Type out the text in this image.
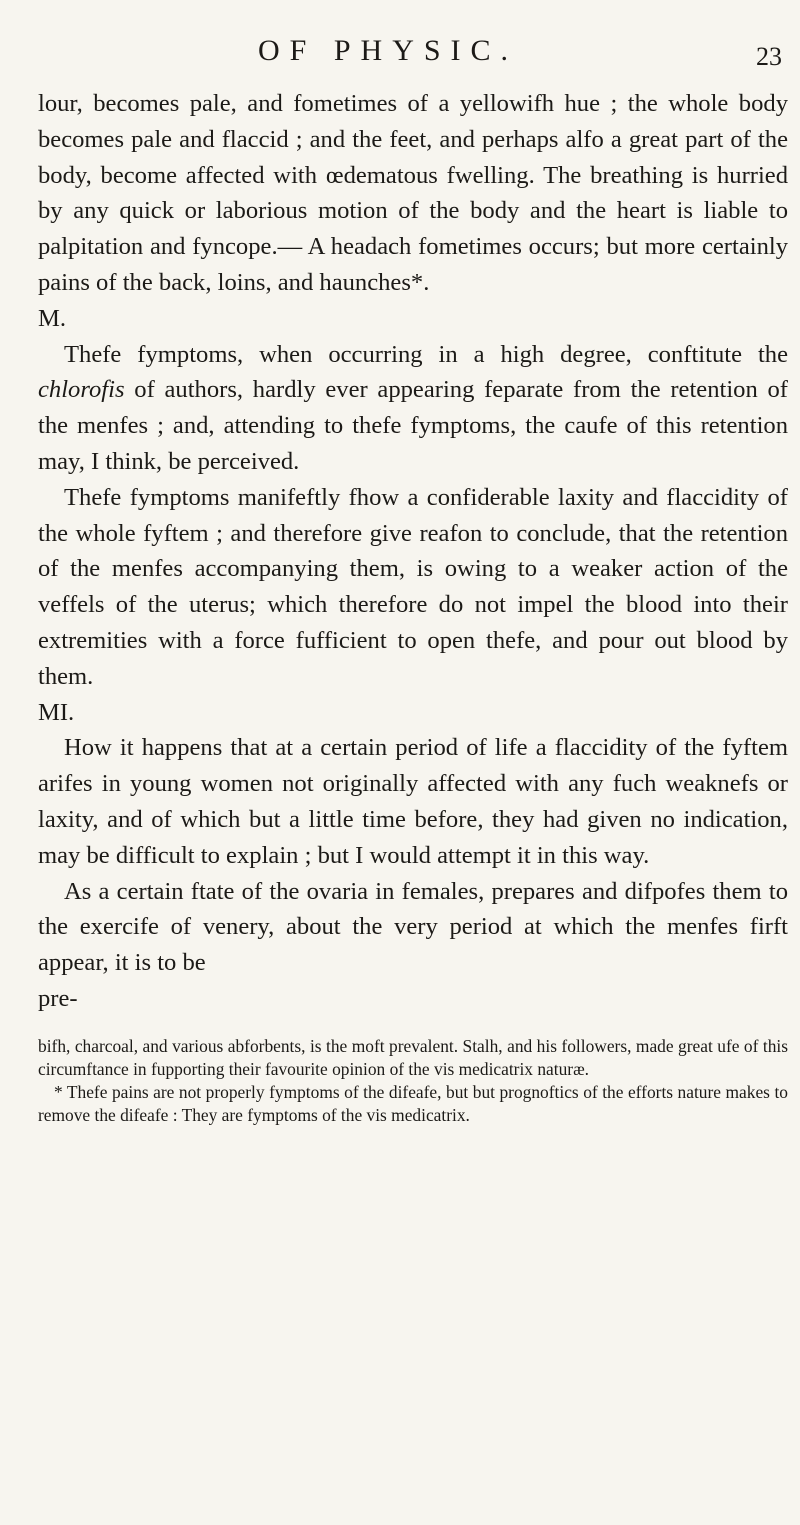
OF PHYSIC.	23

lour, becomes pale, and fometimes of a yellowifh hue ; the whole body becomes pale and flaccid ; and the feet, and perhaps alfo a great part of the body, become affected with œdematous fwelling. The breathing is hurried by any quick or laborious motion of the body and the heart is liable to palpitation and fyncope.— A headach fometimes occurs; but more certainly pains of the back, loins, and haunches*.

M.

Thefe fymptoms, when occurring in a high degree, conftitute the chlorofis of authors, hardly ever appearing feparate from the retention of the menfes ; and, attending to thefe fymptoms, the caufe of this retention may, I think, be perceived.

Thefe fymptoms manifeftly fhow a confiderable laxity and flaccidity of the whole fyftem ; and therefore give reafon to conclude, that the retention of the menfes accompanying them, is owing to a weaker action of the veffels of the uterus; which therefore do not impel the blood into their extremities with a force fufficient to open thefe, and pour out blood by them.

MI.

How it happens that at a certain period of life a flaccidity of the fyftem arifes in young women not originally affected with any fuch weaknefs or laxity, and of which but a little time before, they had given no indication, may be difficult to explain ; but I would attempt it in this way.

As a certain ftate of the ovaria in females, prepares and difpofes them to the exercife of venery, about the very period at which the menfes firft appear, it is to be

pre-

bifh, charcoal, and various abforbents, is the moft prevalent. Stalh, and his followers, made great ufe of this circumftance in fupporting their favourite opinion of the vis medicatrix naturæ.

* Thefe pains are not properly fymptoms of the difeafe, but but prognoftics of the efforts nature makes to remove the difeafe : They are fymptoms of the vis medicatrix.
